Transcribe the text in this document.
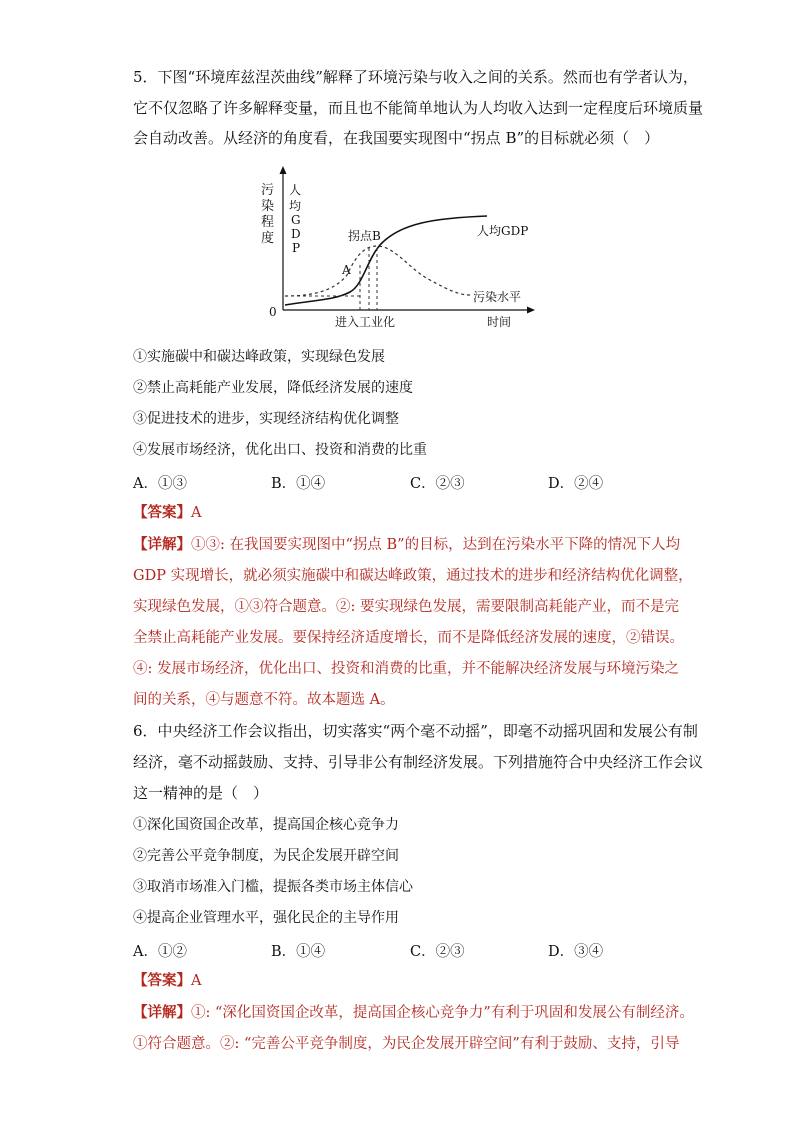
5．下图“环境库兹涅茨曲线”解释了环境污染与收入之间的关系。然而也有学者认为，
它不仅忽略了许多解释变量，而且也不能简单地认为人均收入达到一定程度后环境质量
会自动改善。从经济的角度看，在我国要实现图中“拐点 B”的目标就必须（　）
污染程度
人均 G D P
0
A
拐点B	人均GDP
污染水平
进入工业化	时间
①实施碳中和碳达峰政策，实现绿色发展
②禁止高耗能产业发展，降低经济发展的速度
③促进技术的进步，实现经济结构优化调整
④发展市场经济，优化出口、投资和消费的比重
A．①③	B．①④	C．②③	D．②④
【答案】A
【详解】①③: 在我国要实现图中“拐点 B”的目标，达到在污染水平下降的情况下人均
GDP 实现增长，就必须实施碳中和碳达峰政策，通过技术的进步和经济结构优化调整，
实现绿色发展，①③符合题意。②: 要实现绿色发展，需要限制高耗能产业，而不是完
全禁止高耗能产业发展。要保持经济适度增长，而不是降低经济发展的速度，②错误。
④: 发展市场经济，优化出口、投资和消费的比重，并不能解决经济发展与环境污染之
间的关系，④与题意不符。故本题选 A。
6．中央经济工作会议指出，切实落实“两个毫不动摇”，即毫不动摇巩固和发展公有制
经济，毫不动摇鼓励、支持、引导非公有制经济发展。下列措施符合中央经济工作会议
这一精神的是（　）
①深化国资国企改革，提高国企核心竞争力
②完善公平竞争制度，为民企发展开辟空间
③取消市场准入门槛，提振各类市场主体信心
④提高企业管理水平，强化民企的主导作用
A．①②	B．①④	C．②③	D．③④
【答案】A
【详解】①: “深化国资国企改革，提高国企核心竞争力”有利于巩固和发展公有制经济。
①符合题意。②: “完善公平竞争制度，为民企发展开辟空间”有利于鼓励、支持，引导
